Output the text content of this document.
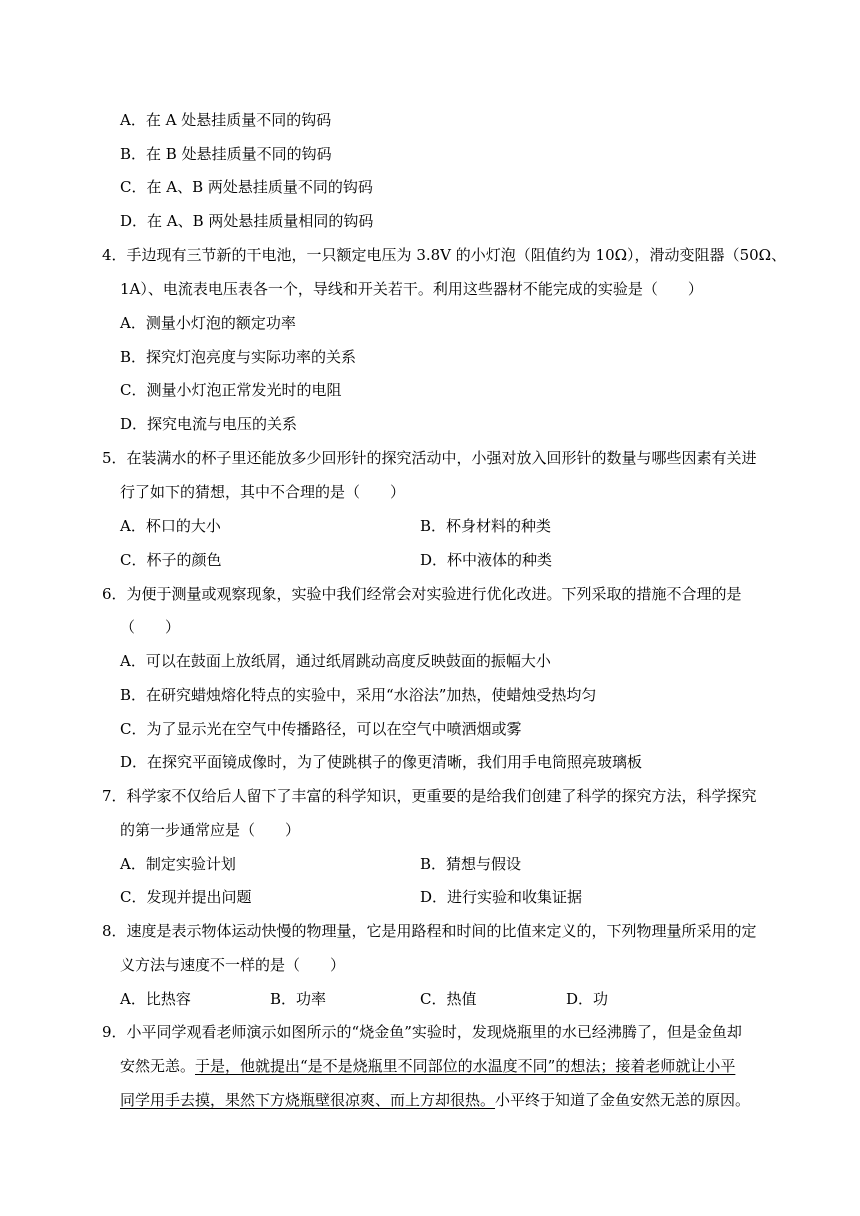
A．在 A 处悬挂质量不同的钩码
B．在 B 处悬挂质量不同的钩码
C．在 A、B 两处悬挂质量不同的钩码
D．在 A、B 两处悬挂质量相同的钩码
4．手边现有三节新的干电池，一只额定电压为 3.8V 的小灯泡（阻值约为 10Ω），滑动变阻器（50Ω、
1A）、电流表电压表各一个，导线和开关若干。利用这些器材不能完成的实验是（　　）
A．测量小灯泡的额定功率
B．探究灯泡亮度与实际功率的关系
C．测量小灯泡正常发光时的电阻
D．探究电流与电压的关系
5．在装满水的杯子里还能放多少回形针的探究活动中，小强对放入回形针的数量与哪些因素有关进
行了如下的猜想，其中不合理的是（　　）
A．杯口的大小	B．杯身材料的种类
C．杯子的颜色	D．杯中液体的种类
6．为便于测量或观察现象，实验中我们经常会对实验进行优化改进。下列采取的措施不合理的是
（　　）
A．可以在鼓面上放纸屑，通过纸屑跳动高度反映鼓面的振幅大小
B．在研究蜡烛熔化特点的实验中，采用“水浴法”加热，使蜡烛受热均匀
C．为了显示光在空气中传播路径，可以在空气中喷洒烟或雾
D．在探究平面镜成像时，为了使跳棋子的像更清晰，我们用手电筒照亮玻璃板
7．科学家不仅给后人留下了丰富的科学知识，更重要的是给我们创建了科学的探究方法，科学探究
的第一步通常应是（　　）
A．制定实验计划	B．猜想与假设
C．发现并提出问题	D．进行实验和收集证据
8．速度是表示物体运动快慢的物理量，它是用路程和时间的比值来定义的，下列物理量所采用的定
义方法与速度不一样的是（　　）
A．比热容	B．功率	C．热值	D．功
9．小平同学观看老师演示如图所示的“烧金鱼”实验时，发现烧瓶里的水已经沸腾了，但是金鱼却
安然无恙。于是，他就提出“是不是烧瓶里不同部位的水温度不同”的想法；接着老师就让小平
同学用手去摸，果然下方烧瓶壁很凉爽、而上方却很热。小平终于知道了金鱼安然无恙的原因。
